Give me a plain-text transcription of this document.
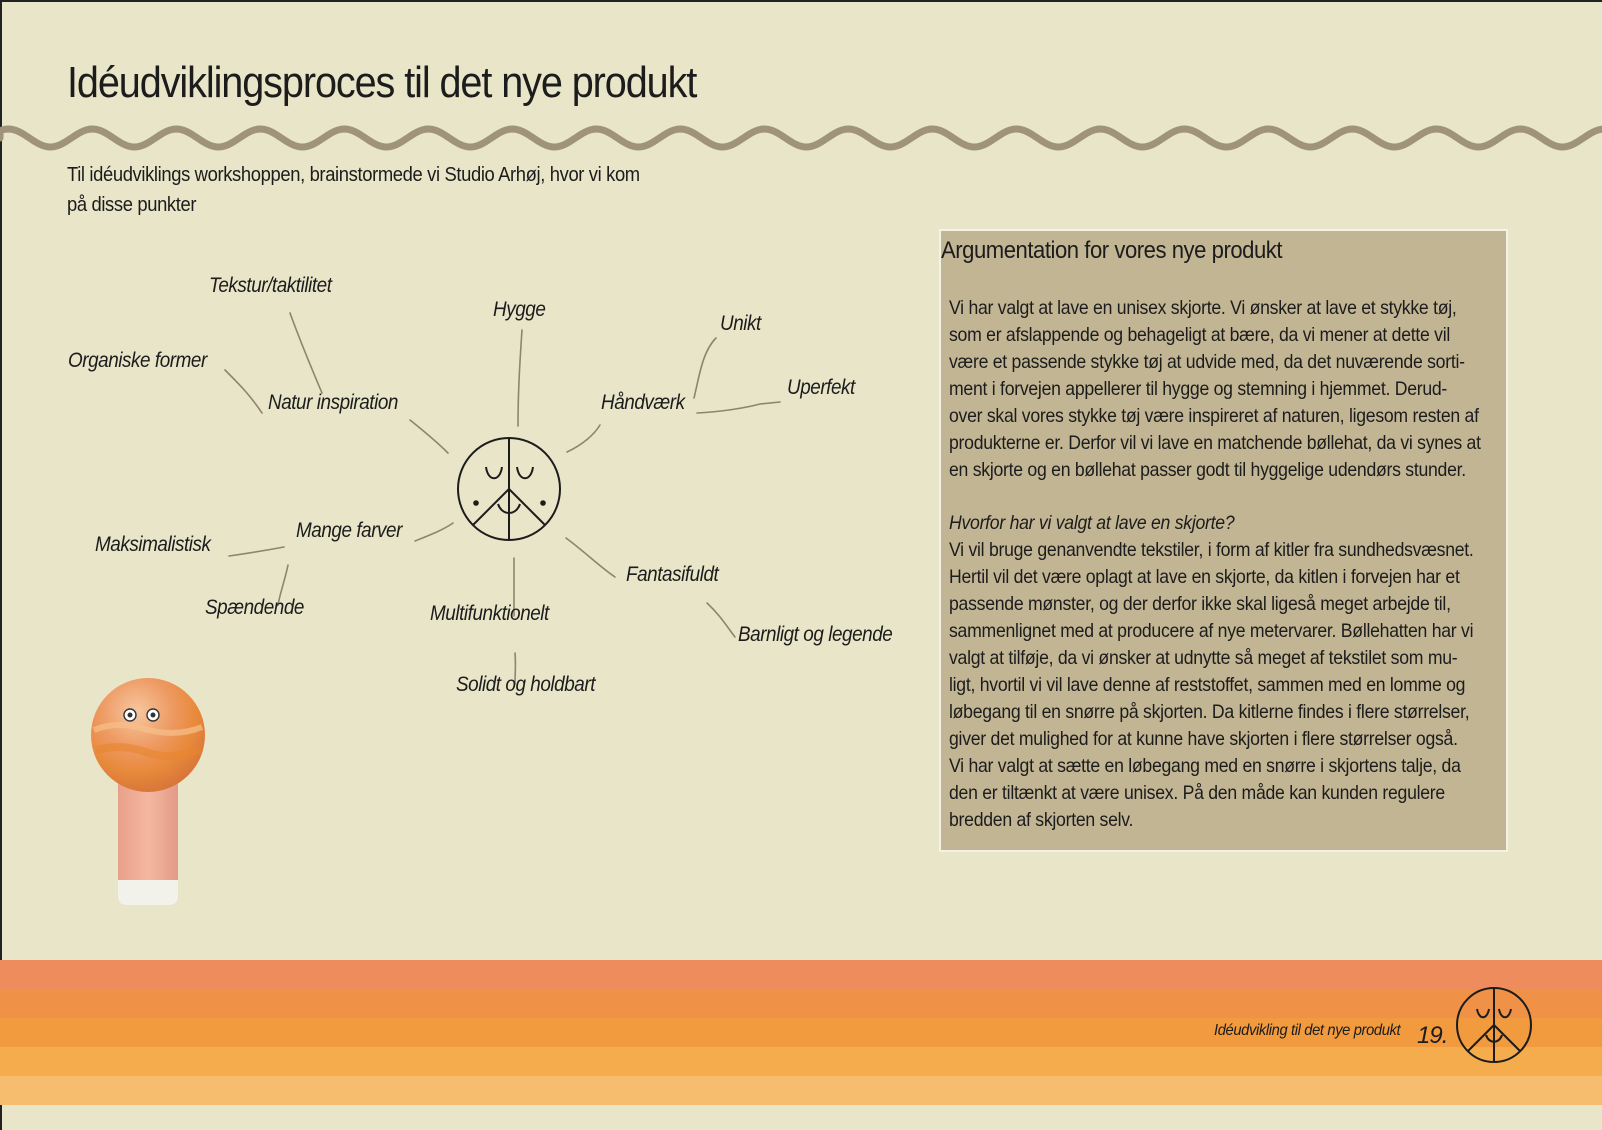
Idéudviklingsproces til det nye produkt
Til idéudviklings workshoppen, brainstormede vi Studio Arhøj, hvor vi kom
på disse punkter
Tekstur/taktilitet
Hygge
Unikt
Organiske former
Natur inspiration	Håndværk
Uperfekt
Maksimalistisk
Mange farver
Spændende	Multifunktionelt
Fantasifuldt
Barnligt og legende
Solidt og holdbart
Argumentation for vores nye produkt

Vi har valgt at lave en unisex skjorte. Vi ønsker at lave et stykke tøj,

som er afslappende og behageligt at bære, da vi mener at dette vil

være et passende stykke tøj at udvide med, da det nuværende sorti-

ment i forvejen appellerer til hygge og stemning i hjemmet. Derud-

over skal vores stykke tøj være inspireret af naturen, ligesom resten af

produkterne er. Derfor vil vi lave en matchende bøllehat, da vi synes at

en skjorte og en bøllehat passer godt til hyggelige udendørs stunder.

Hvorfor har vi valgt at lave en skjorte?

Vi vil bruge genanvendte tekstiler, i form af kitler fra sundhedsvæsnet.

Hertil vil det være oplagt at lave en skjorte, da kitlen i forvejen har et

passende mønster, og der derfor ikke skal ligeså meget arbejde til,

sammenlignet med at producere af nye metervarer. Bøllehatten har vi

valgt at tilføje, da vi ønsker at udnytte så meget af tekstilet som mu-

ligt, hvortil vi vil lave denne af reststoffet, sammen med en lomme og

løbegang til en snørre på skjorten. Da kitlerne findes i flere størrelser,

giver det mulighed for at kunne have skjorten i flere størrelser også.

Vi har valgt at sætte en løbegang med en snørre i skjortens talje, da

den er tiltænkt at være unisex. På den måde kan kunden regulere

bredden af skjorten selv.

Idéudvikling til det nye produkt 19.
